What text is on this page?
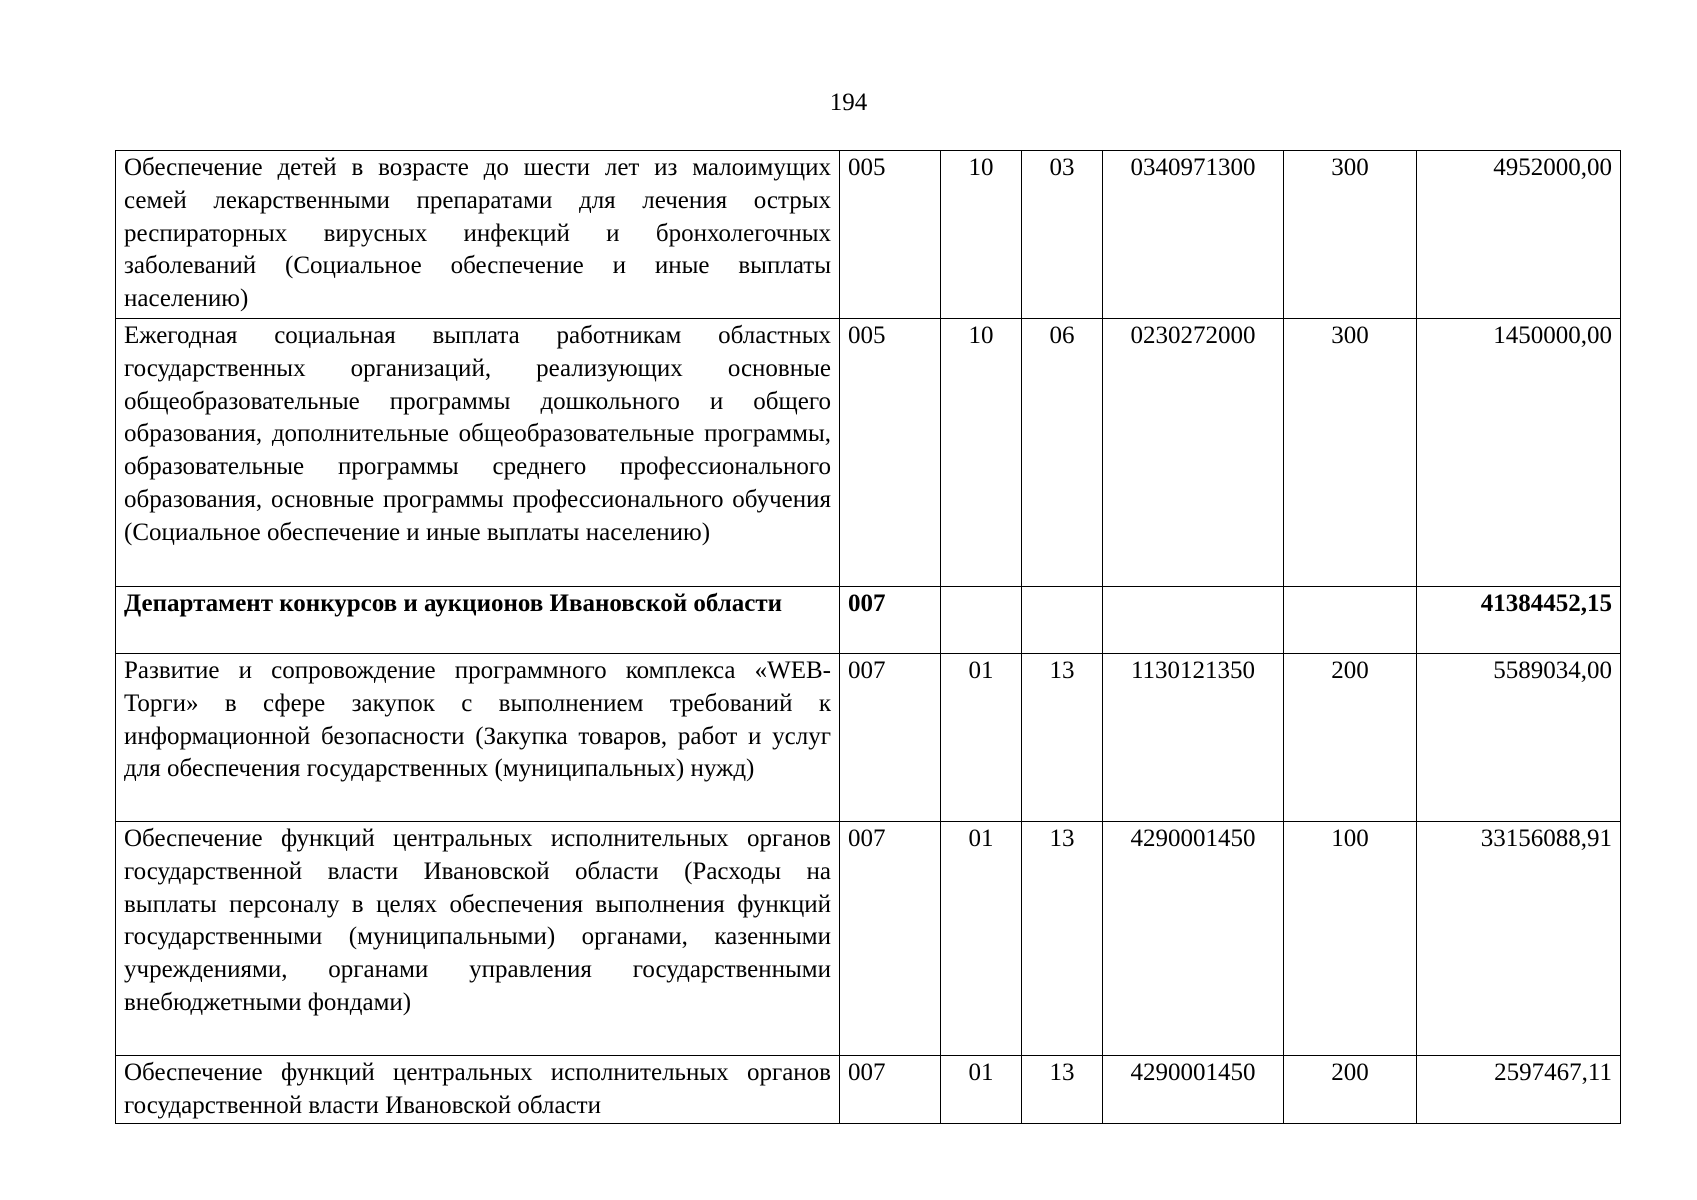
194
Обеспечение детей в возрасте до шести лет из малоимущих семей лекарственными препаратами для лечения острых респираторных вирусных инфекций и бронхолегочных заболеваний (Социальное обеспечение и иные выплаты населению)	005	10	03	0340971300	300	4952000,00
Ежегодная социальная выплата работникам областных государственных организаций, реализующих основные общеобразовательные программы дошкольного и общего образования, дополнительные общеобразовательные программы, образовательные программы среднего профессионального образования, основные программы профессионального обучения (Социальное обеспечение и иные выплаты населению)	005	10	06	0230272000	300	1450000,00
Департамент конкурсов и аукционов Ивановской области	007					41384452,15
Развитие и сопровождение программного комплекса «WEB-Торги» в сфере закупок с выполнением требований к информационной безопасности (Закупка товаров, работ и услуг для обеспечения государственных (муниципальных) нужд)	007	01	13	1130121350	200	5589034,00
Обеспечение функций центральных исполнительных органов государственной власти Ивановской области (Расходы на выплаты персоналу в целях обеспечения выполнения функций государственными (муниципальными) органами, казенными учреждениями, органами управления государственными внебюджетными фондами)	007	01	13	4290001450	100	33156088,91
Обеспечение функций центральных исполнительных органов государственной власти Ивановской области	007	01	13	4290001450	200	2597467,11
